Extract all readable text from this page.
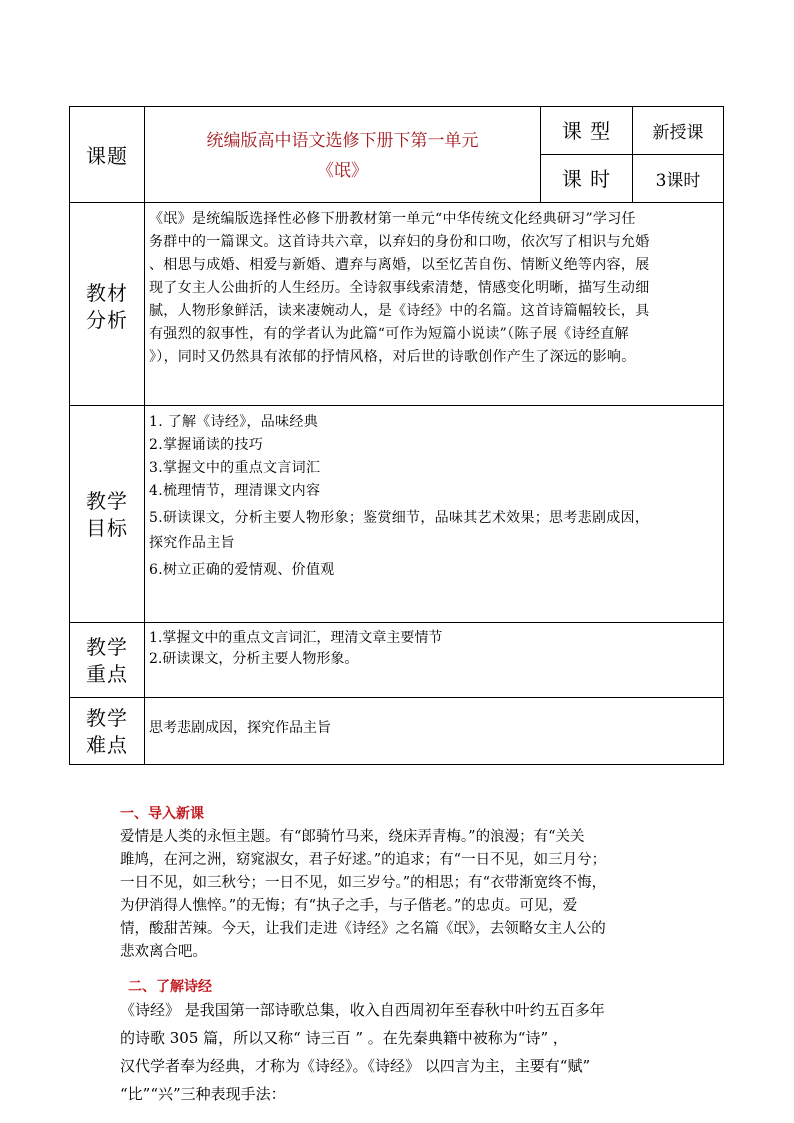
课题
统编版高中语文选修下册下第一单元
《氓》
课 型	新授课
课 时	3课时
教材
分析
《氓》是统编版选择性必修下册教材第一单元“中华传统文化经典研习”学习任
务群中的一篇课文。这首诗共六章，以弃妇的身份和口吻，依次写了相识与允婚
、相思与成婚、相爱与新婚、遭弃与离婚，以至忆苦自伤、情断义绝等内容，展
现了女主人公曲折的人生经历。全诗叙事线索清楚，情感变化明晰，描写生动细
腻，人物形象鲜活，读来凄婉动人，是《诗经》中的名篇。这首诗篇幅较长，具
有强烈的叙事性，有的学者认为此篇“可作为短篇小说读”（陈子展《诗经直解
》），同时又仍然具有浓郁的抒情风格，对后世的诗歌创作产生了深远的影响。
教学
目标
1. 了解《诗经》，品味经典
2.掌握诵读的技巧
3.掌握文中的重点文言词汇
4.梳理情节，理清课文内容
5.研读课文，分析主要人物形象；鉴赏细节，品味其艺术效果；思考悲剧成因，
探究作品主旨
6.树立正确的爱情观、价值观
教学
重点
1.掌握文中的重点文言词汇，理清文章主要情节
2.研读课文，分析主要人物形象。
教学
难点
思考悲剧成因，探究作品主旨
一、导入新课
爱情是人类的永恒主题。有“郎骑竹马来，绕床弄青梅。”的浪漫；有“关关
雎鸠，在河之洲，窈窕淑女，君子好逑。”的追求；有“一日不见，如三月兮；
一日不见，如三秋兮；一日不见，如三岁兮。”的相思；有“衣带渐宽终不悔，
为伊消得人憔悴。”的无悔；有“执子之手，与子偕老。”的忠贞。可见，爱
情，酸甜苦辣。今天，让我们走进《诗经》之名篇《氓》，去领略女主人公的
悲欢离合吧。
二、了解诗经
《诗经》 是我国第一部诗歌总集，收入自西周初年至春秋中叶约五百多年
的诗歌 305 篇，所以又称“ 诗三百 ” 。在先秦典籍中被称为“诗” ，
汉代学者奉为经典，才称为《诗经》。《诗经》 以四言为主，主要有“赋”
“比”“兴”三种表现手法：
